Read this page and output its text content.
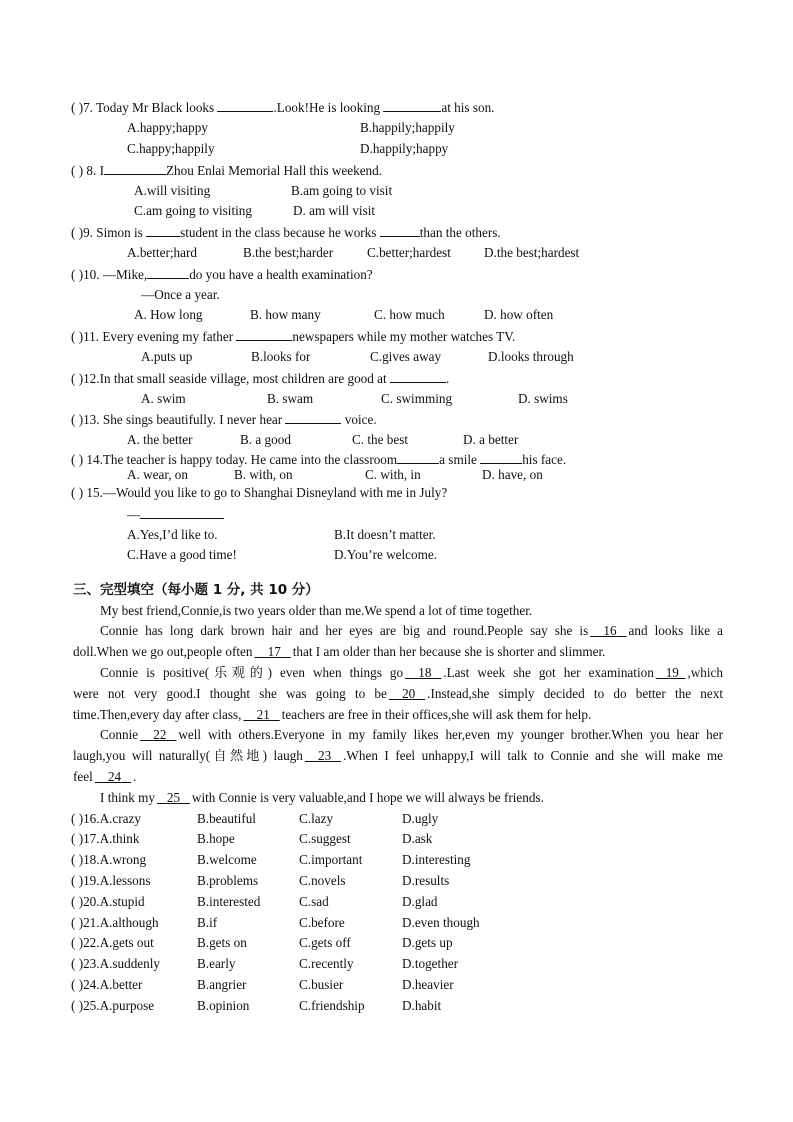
( )7. Today Mr Black looks	.Look!He is looking	at his son.
A.happy;happy	B.happily;happily
C.happy;happily	D.happily;happy
( ) 8. I	Zhou Enlai Memorial Hall this weekend.
A.will visiting	B.am going to visit
C.am going to visiting	D. am will visit
( )9. Simon is	student in the class because he works	than the others.
A.better;hard	B.the best;harder	C.better;hardest	D.the best;hardest
( )10. —Mike,	do you have a health examination?
—Once a year.
A. How long	B. how many	C. how much	D. how often
( )11. Every evening my father	newspapers while my mother watches TV.
A.puts up	B.looks for	C.gives away	D.looks through
( )12.In that small seaside village, most children are good at	.
A. swim	B. swam	C. swimming	D. swims
( )13. She sings beautifully. I never hear	voice.
A. the better	B. a good	C. the best	D. a better
( ) 14.The teacher is happy today. He came into the classroom	a smile	his face.
A. wear, on	B. with, on	C. with, in	D. have, on
( ) 15.—Would you like to go to Shanghai Disneyland with me in July?
—
A.Yes,I’d like to.	B.It doesn’t matter.
C.Have a good time!	D.You’re welcome.
三、完型填空（每小题 1 分, 共 10 分）
My best friend,Connie,is two years older than me.We spend a lot of time together.
Connie has long dark brown hair and her eyes are big and round.People say she is 16 and looks like a
doll.When we go out,people often 17 that I am older than her because she is shorter and slimmer.
Connie is positive(乐观的) even when things go 18 .Last week she got her examination 19 ,which
were not very good.I thought she was going to be 20 .Instead,she simply decided to do better the next
time.Then,every day after class, 21 teachers are free in their offices,she will ask them for help.
Connie 22 well with others.Everyone in my family likes her,even my younger brother.When you hear her
laugh,you will naturally(自然地) laugh 23 .When I feel unhappy,I will talk to Connie and she will make me
feel 24 .
I think my 25 with Connie is very valuable,and I hope we will always be friends.
( )16.A.crazy	B.beautiful	C.lazy	D.ugly
( )17.A.think	B.hope	C.suggest	D.ask
( )18.A.wrong	B.welcome	C.important	D.interesting
( )19.A.lessons	B.problems	C.novels	D.results
( )20.A.stupid	B.interested	C.sad	D.glad
( )21.A.although	B.if	C.before	D.even though
( )22.A.gets out	B.gets on	C.gets off	D.gets up
( )23.A.suddenly	B.early	C.recently	D.together
( )24.A.better	B.angrier	C.busier	D.heavier
( )25.A.purpose	B.opinion	C.friendship	D.habit
